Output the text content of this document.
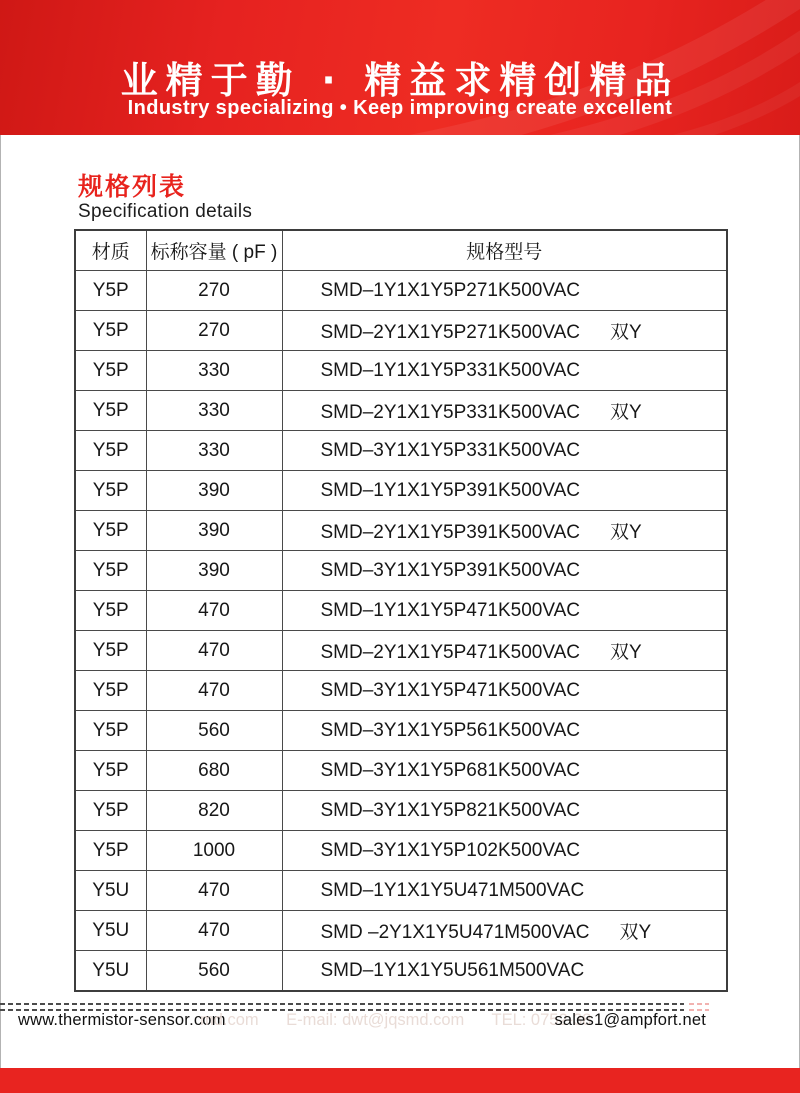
业精于勤 · 精益求精创精品
Industry specializing • Keep improving create excellent
规格列表
Specification details
材质	标称容量 ( pF )	规格型号
Y5P	270	SMD–1Y1X1Y5P271K500VAC
Y5P	270	SMD–2Y1X1Y5P271K500VAC 双Y
Y5P	330	SMD–1Y1X1Y5P331K500VAC
Y5P	330	SMD–2Y1X1Y5P331K500VAC 双Y
Y5P	330	SMD–3Y1X1Y5P331K500VAC
Y5P	390	SMD–1Y1X1Y5P391K500VAC
Y5P	390	SMD–2Y1X1Y5P391K500VAC 双Y
Y5P	390	SMD–3Y1X1Y5P391K500VAC
Y5P	470	SMD–1Y1X1Y5P471K500VAC
Y5P	470	SMD–2Y1X1Y5P471K500VAC 双Y
Y5P	470	SMD–3Y1X1Y5P471K500VAC
Y5P	560	SMD–3Y1X1Y5P561K500VAC
Y5P	680	SMD–3Y1X1Y5P681K500VAC
Y5P	820	SMD–3Y1X1Y5P821K500VAC
Y5P	1000	SMD–3Y1X1Y5P102K500VAC
Y5U	470	SMD–1Y1X1Y5U471M500VAC
Y5U	470	SMD –2Y1X1Y5U471M500VAC 双Y
Y5U	560	SMD–1Y1X1Y5U561M500VAC
www.thermistor-sensor.com
md.com      E-mail: dwt@jqsmd.com      TEL: 0752-38
sales1@ampfort.net
